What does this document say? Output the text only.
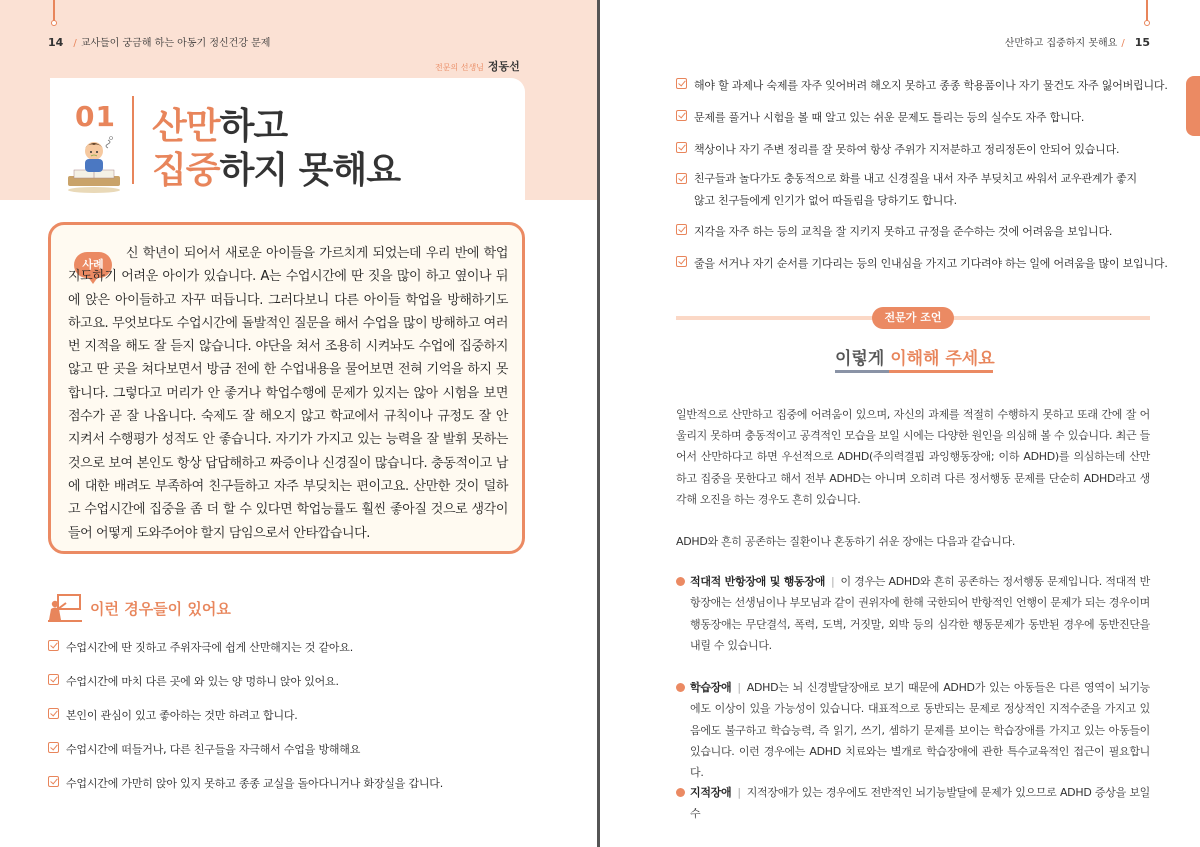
14 / 교사들이 궁금해 하는 아동기 정신건강 문제
전문의 선생님 정동선
01 산만하고
집중하지 못해요
사례
신 학년이 되어서 새로운 아이들을 가르치게 되었는데 우리 반에 학업지도하기 어려운 아이가 있습니다. A는 수업시간에 딴 짓을 많이 하고 옆이나 뒤에 앉은 아이들하고 자꾸 떠듭니다. 그러다보니 다른 아이들 학업을 방해하기도 하고요. 무엇보다도 수업시간에 돌발적인 질문을 해서 수업을 많이 방해하고 여러 번 지적을 해도 잘 듣지 않습니다. 야단을 쳐서 조용히 시켜놔도 수업에 집중하지 않고 딴 곳을 쳐다보면서 방금 전에 한 수업내용을 물어보면 전혀 기억을 하지 못합니다. 그렇다고 머리가 안 좋거나 학업수행에 문제가 있지는 않아 시험을 보면 점수가 곧 잘 나옵니다. 숙제도 잘 해오지 않고 학교에서 규칙이나 규정도 잘 안 지켜서 수행평가 성적도 안 좋습니다. 자기가 가지고 있는 능력을 잘 발휘 못하는 것으로 보여 본인도 항상 답답해하고 짜증이나 신경질이 많습니다. 충동적이고 남에 대한 배려도 부족하여 친구들하고 자주 부딪치는 편이고요. 산만한 것이 덜하고 수업시간에 집중을 좀 더 할 수 있다면 학업능률도 훨씬 좋아질 것으로 생각이 들어 어떻게 도와주어야 할지 담임으로서 안타깝습니다.
이런 경우들이 있어요
수업시간에 딴 짓하고 주위자극에 쉽게 산만해지는 것 같아요.
수업시간에 마치 다른 곳에 와 있는 양 멍하니 앉아 있어요.
본인이 관심이 있고 좋아하는 것만 하려고 합니다.
수업시간에 떠들거나, 다른 친구들을 자극해서 수업을 방해해요
수업시간에 가만히 앉아 있지 못하고 종종 교실을 돌아다니거나 화장실을 갑니다.
산만하고 집중하지 못해요 / 15
해야 할 과제나 숙제를 자주 잊어버려 해오지 못하고 종종 학용품이나 자기 물건도 자주 잃어버립니다.
문제를 풀거나 시험을 볼 때 알고 있는 쉬운 문제도 틀리는 등의 실수도 자주 합니다.
책상이나 자기 주변 정리를 잘 못하여 항상 주위가 지저분하고 정리정돈이 안되어 있습니다.
친구들과 놀다가도 충동적으로 화를 내고 신경질을 내서 자주 부딪치고 싸워서 교우관계가 좋지 않고 친구들에게 인기가 없어 따돌림을 당하기도 합니다.
지각을 자주 하는 등의 교칙을 잘 지키지 못하고 규정을 준수하는 것에 어려움을 보입니다.
줄을 서거나 자기 순서를 기다리는 등의 인내심을 가지고 기다려야 하는 일에 어려움을 많이 보입니다.
전문가 조언
이렇게 이해해 주세요
일반적으로 산만하고 집중에 어려움이 있으며, 자신의 과제를 적절히 수행하지 못하고 또래 간에 잘 어울리지 못하며 충동적이고 공격적인 모습을 보일 시에는 다양한 원인을 의심해 볼 수 있습니다. 최근 들어서 산만하다고 하면 우선적으로 ADHD(주의력결핍 과잉행동장애; 이하 ADHD)를 의심하는데 산만하고 집중을 못한다고 해서 전부 ADHD는 아니며 오히려 다른 정서행동 문제를 단순히 ADHD라고 생각해 오진을 하는 경우도 흔히 있습니다.
ADHD와 흔히 공존하는 질환이나 혼동하기 쉬운 장애는 다음과 같습니다.
적대적 반항장애 및 행동장애 | 이 경우는 ADHD와 흔히 공존하는 정서행동 문제입니다. 적대적 반항장애는 선생님이나 부모님과 같이 권위자에 한해 국한되어 반항적인 언행이 문제가 되는 경우이며 행동장애는 무단결석, 폭력, 도벽, 거짓말, 외박 등의 심각한 행동문제가 동반된 경우에 동반진단을 내릴 수 있습니다.
학습장애 | ADHD는 뇌 신경발달장애로 보기 때문에 ADHD가 있는 아동들은 다른 영역이 뇌기능에도 이상이 있을 가능성이 있습니다. 대표적으로 동반되는 문제로 정상적인 지적수준을 가지고 있음에도 불구하고 학습능력, 즉 읽기, 쓰기, 셈하기 문제를 보이는 학습장애를 가지고 있는 아동들이 있습니다. 이런 경우에는 ADHD 치료와는 별개로 학습장애에 관한 특수교육적인 접근이 필요합니다.
지적장애 | 지적장애가 있는 경우에도 전반적인 뇌기능발달에 문제가 있으므로 ADHD 증상을 보일 수
